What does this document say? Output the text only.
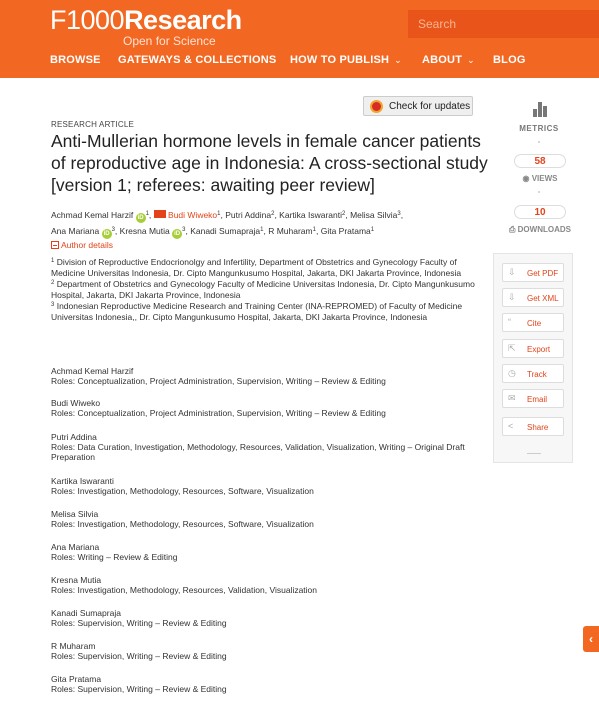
F1000Research
Open for Science
Search
BROWSE GATEWAYS & COLLECTIONS HOW TO PUBLISH ⌄ ABOUT ⌄ BLOG
Check for updates
RESEARCH ARTICLE
Anti-Mullerian hormone levels in female cancer patients of reproductive age in Indonesia: A cross-sectional study [version 1; referees: awaiting peer review]
Achmad Kemal Harzif $iD^1$,  Budi Wiweko$^1$, Putri Addina$^2$, Kartika Iswaranti$^2$, Melisa Silvia$^3$,
Ana Mariana $iD^3$, Kresna Mutia $iD^3$, Kanadi Sumapraja$^1$, R Muharam$^1$, Gita Pratama$^1$
Author details

$^1$ Division of Reproductive Endocrionolgy and Infertility, Department of Obstetrics and Gynecology Faculty of Medicine Universitas Indonesia, Dr. Cipto Mangunkusumo Hospital, Jakarta, DKI Jakarta Province, Indonesia

$^2$ Department of Obstetrics and Gynecology Faculty of Medicine Universitas Indonesia, Dr. Cipto Mangunkusumo Hospital, Jakarta, DKI Jakarta Province, Indonesia

$^3$ Indonesian Reproductive Medicine Research and Training Center (INA-REPROMED) of Faculty of Medicine Universitas Indonesia,, Dr. Cipto Mangunkusumo Hospital, Jakarta, DKI Jakarta Province, Indonesia

Achmad Kemal Harzif
Roles: Conceptualization, Project Administration, Supervision, Writing – Review & Editing
Budi Wiweko
Roles: Conceptualization, Project Administration, Supervision, Writing – Review & Editing
Putri Addina
Roles: Data Curation, Investigation, Methodology, Resources, Validation, Visualization, Writing – Original Draft Preparation
Kartika Iswaranti
Roles: Investigation, Methodology, Resources, Software, Visualization
Melisa Silvia
Roles: Investigation, Methodology, Resources, Software, Visualization
Ana Mariana
Roles: Writing – Review & Editing
Kresna Mutia
Roles: Investigation, Methodology, Resources, Validation, Visualization
Kanadi Sumapraja
Roles: Supervision, Writing – Review & Editing
R Muharam
Roles: Supervision, Writing – Review & Editing
Gita Pratama
Roles: Supervision, Writing – Review & Editing
METRICS
58
◉ VIEWS
10
⎙ DOWNLOADS
⇩	Get PDF
⇩	Get XML
“	Cite
⇱	Export
◷	Track
✉	Email
<	Share
‹
